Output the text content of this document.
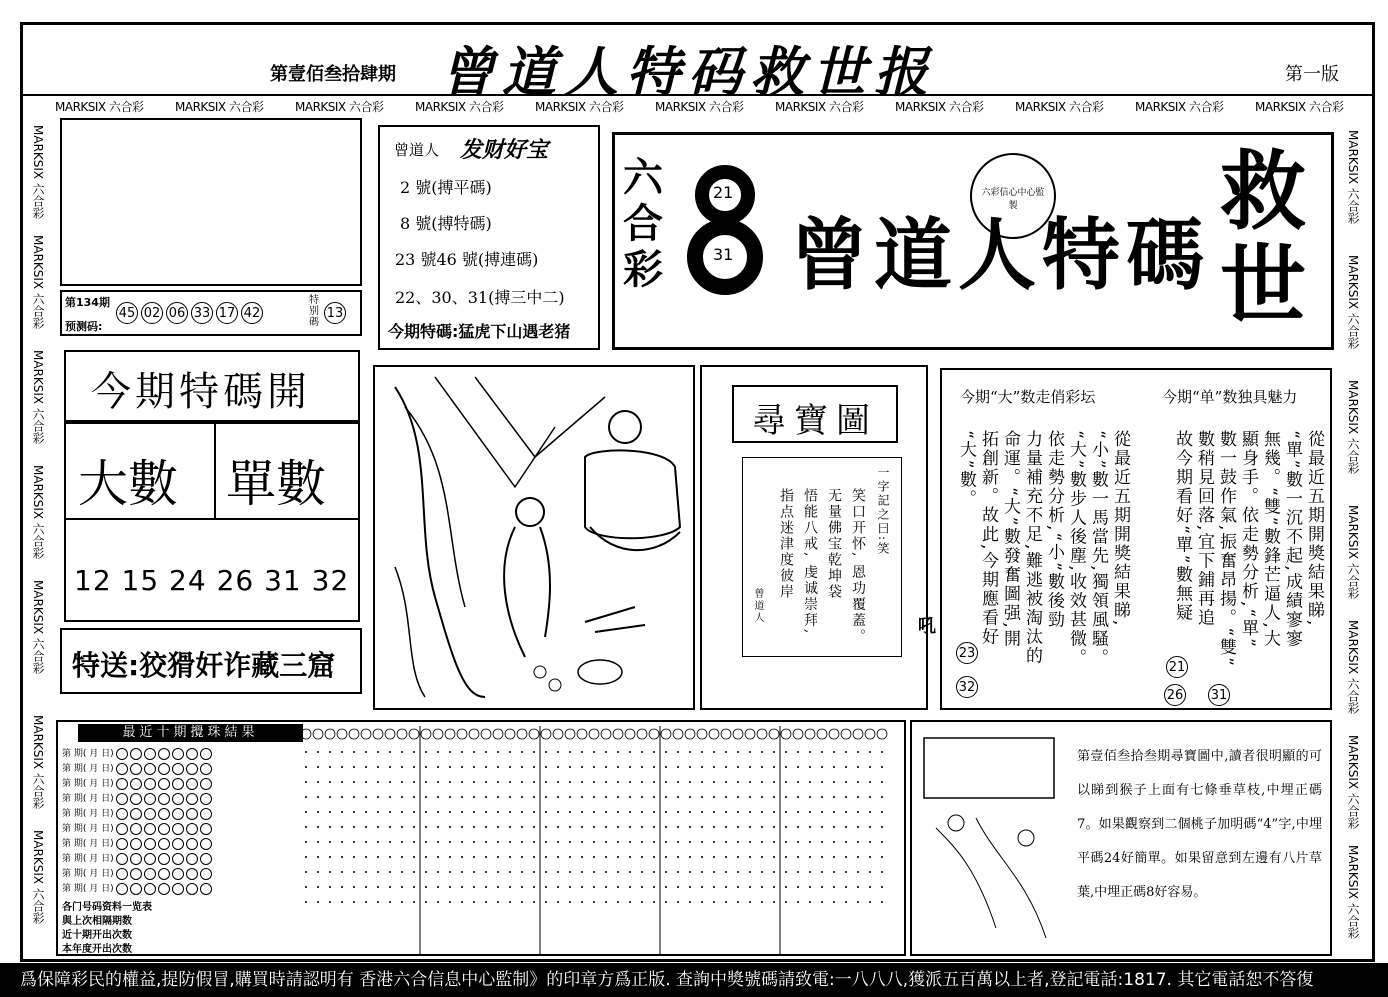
第壹佰叁拾肆期 曾道人特码救世报	第一版
MARKSIX 六合彩	MARKSIX 六合彩	MARKSIX 六合彩	MARKSIX 六合彩	MARKSIX 六合彩	MARKSIX 六合彩	MARKSIX 六合彩	MARKSIX 六合彩	MARKSIX 六合彩	MARKSIX 六合彩	MARKSIX 六合彩
MARKSIX 六合彩
MARKSIX 六合彩
MARKSIX 六合彩
MARKSIX 六合彩
MARKSIX 六合彩
MARKSIX 六合彩
MARKSIX 六合彩
MARKSIX 六合彩
MARKSIX 六合彩
MARKSIX 六合彩
MARKSIX 六合彩
MARKSIX 六合彩
MARKSIX 六合彩
MARKSIX 六合彩
第134期
预测码:
45 02 06 33 17 42
特别碼
13
曾道人 发财好宝
2 號(搏平碼)
8 號(搏特碼)
23 號46 號(搏連碼)
22、30、31(搏三中二)
今期特碼:猛虎下山遇老猪
六合彩
21
31 曾道人特碼
六彩信心中心監製	救世
今期特碼開
大數 單數
12 15 24 26 31 32
特送:狡猾奸诈藏三窟
尋寶圖
一字記之曰:笑
笑口开怀, 恩功覆蓋。
无量佛宝乾坤袋
悟能八戒, 虔诚崇拜,
指点迷津度彼岸
曾道人
今期“大”数走俏彩坛	今期“单”数独具魅力
從最近五期開獎結果睇,
“小”數一馬當先,獨領風騷。
“大”數步人後塵,收效甚微。
依走勢分析,“小”數後勁
力量補充不足,難逃被淘汰的
命運。“大”數發奮圖强,開
拓創新。故此,今期應看好
“大”數。
23
32
從最近五期開獎結果睇,
“單”數一沉不起,成績寥寥
無幾。“雙”數鋒芒逼人,大
顯身手。依走勢分析,“單”
數一鼓作氣,振奮昂揚。“雙”
數稍見回落,宜下鋪再追
故今期看好“單”數無疑
21
26	31
吼
最近十期攪珠結果
第 期( 月 日)
第 期( 月 日)
第 期( 月 日)
第 期( 月 日)
第 期( 月 日)
第 期( 月 日)
第 期( 月 日)
第 期( 月 日)
第 期( 月 日)
第 期( 月 日)
各门号码资料一览表
與上次相隔期数
近十期开出次数
本年度开出次数
第壹佰叁拾叁期尋寶圖中,讀者很明顯的可以睇到猴子上面有七條垂草枝,中埋正碼7。如果觀察到二個桃子加明碼“4”字,中埋平碼24好簡單。如果留意到左邊有八片草葉,中埋正碼8好容易。
爲保障彩民的權益,提防假冒,購買時請認明有 香港六合信息中心監制》的印章方爲正版. 查詢中獎號碼請致電:一八八八,獲派五百萬以上者,登記電話:1817. 其它電話恕不答復
